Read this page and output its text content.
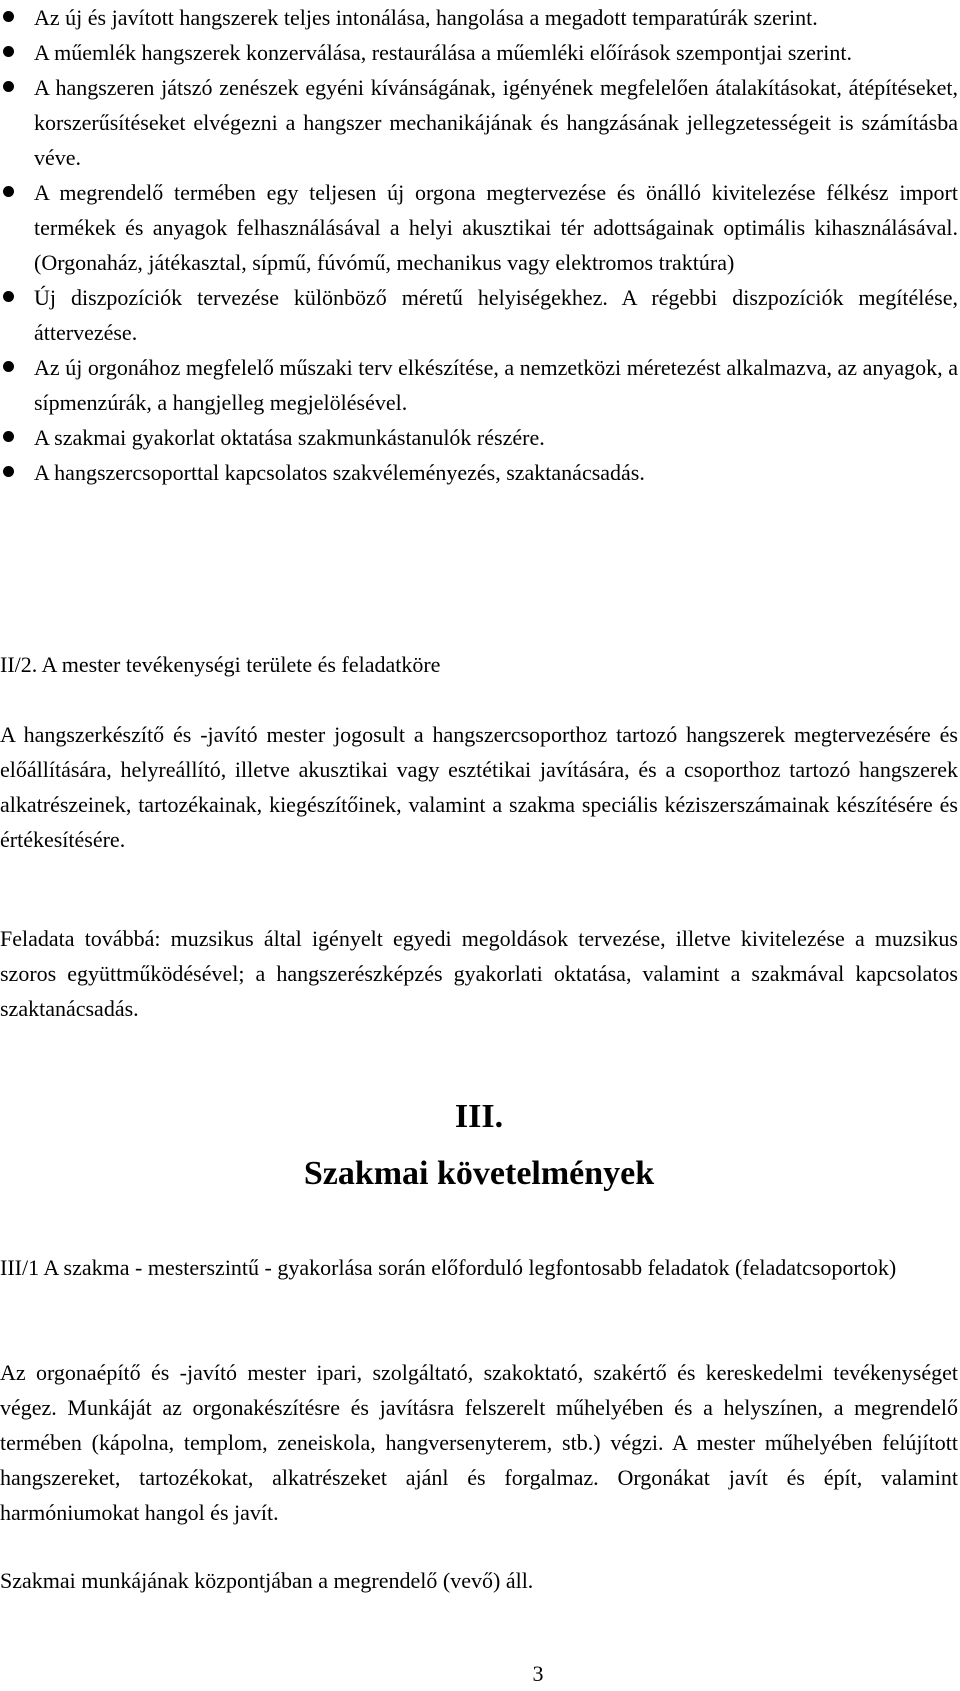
Az új és javított hangszerek teljes intonálása, hangolása a megadott temparatúrák szerint.
A műemlék hangszerek konzerválása, restaurálása a műemléki előírások szempontjai szerint.
A hangszeren játszó zenészek egyéni kívánságának, igényének megfelelően átalakításokat, átépítéseket, korszerűsítéseket elvégezni a hangszer mechanikájának és hangzásának jellegzetességeit is számításba véve.
A megrendelő termében egy teljesen új orgona megtervezése és önálló kivitelezése félkész import termékek és anyagok felhasználásával a helyi akusztikai tér adottságainak optimális kihasználásával. (Orgonaház, játékasztal, sípmű, fúvómű, mechanikus vagy elektromos traktúra)
Új diszpozíciók tervezése különböző méretű helyiségekhez. A régebbi diszpozíciók megítélése, áttervezése.
Az új orgonához megfelelő műszaki terv elkészítése, a nemzetközi méretezést alkalmazva, az anyagok, a sípmenzúrák, a hangjelleg megjelölésével.
A szakmai gyakorlat oktatása szakmunkástanulók részére.
A hangszercsoporttal kapcsolatos szakvéleményezés, szaktanácsadás.

II/2. A mester tevékenységi területe és feladatköre

A hangszerkészítő és -javító mester jogosult a hangszercsoporthoz tartozó hangszerek megtervezésére és előállítására, helyreállító, illetve akusztikai vagy esztétikai javítására, és a csoporthoz tartozó hangszerek alkatrészeinek, tartozékainak, kiegészítőinek, valamint a szakma speciális kéziszerszámainak készítésére és értékesítésére.

Feladata továbbá: muzsikus által igényelt egyedi megoldások tervezése, illetve kivitelezése a muzsikus szoros együttműködésével; a hangszerészképzés gyakorlati oktatása, valamint a szakmával kapcsolatos szaktanácsadás.

III.
Szakmai követelmények

III/1 A szakma - mesterszintű - gyakorlása során előforduló legfontosabb feladatok (feladatcsoportok)

Az orgonaépítő és -javító mester ipari, szolgáltató, szakoktató, szakértő és kereskedelmi tevékenységet végez. Munkáját az orgonakészítésre és javításra felszerelt műhelyében és a helyszínen, a megrendelő termében (kápolna, templom, zeneiskola, hangversenyterem, stb.) végzi. A mester műhelyében felújított hangszereket, tartozékokat, alkatrészeket ajánl és forgalmaz. Orgonákat javít és épít, valamint harmóniumokat hangol és javít.

Szakmai munkájának központjában a megrendelő (vevő) áll.

3
